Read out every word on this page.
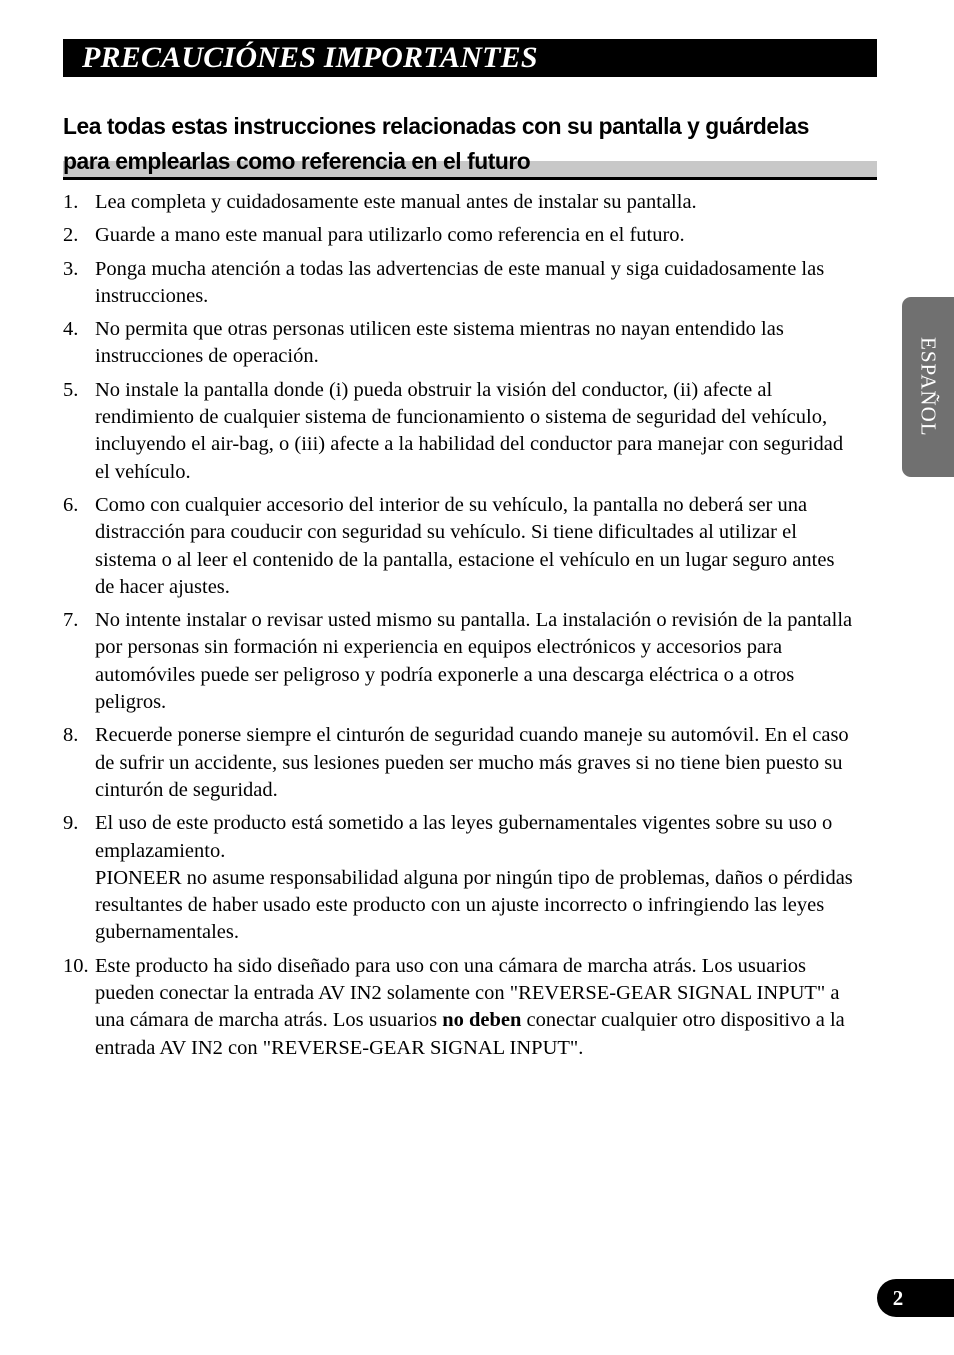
PRECAUCIÓNES IMPORTANTES
Lea todas estas instrucciones relacionadas con su pantalla y guárdelas para emplearlas como referencia en el futuro
1. Lea completa y cuidadosamente este manual antes de instalar su pantalla.
2. Guarde a mano este manual para utilizarlo como referencia en el futuro.
3. Ponga mucha atención a todas las advertencias de este manual y siga cuidadosamente las instrucciones.
4. No permita que otras personas utilicen este sistema mientras no nayan entendido las instrucciones de operación.
5. No instale la pantalla donde (i) pueda obstruir la visión del conductor, (ii) afecte al rendimiento de cualquier sistema de funcionamiento o sistema de seguridad del vehículo, incluyendo el air-bag, o (iii) afecte a la habilidad del conductor para manejar con seguridad el vehículo.
6. Como con cualquier accesorio del interior de su vehículo, la pantalla no deberá ser una distracción para couducir con seguridad su vehículo. Si tiene dificultades al utilizar el sistema o al leer el contenido de la pantalla, estacione el vehículo en un lugar seguro antes de hacer ajustes.
7. No intente instalar o revisar usted mismo su pantalla. La instalación o revisión de la pantalla por personas sin formación ni experiencia en equipos electrónicos y accesorios para automóviles puede ser peligroso y podría exponerle a una descarga eléctrica o a otros peligros.
8. Recuerde ponerse siempre el cinturón de seguridad cuando maneje su automóvil. En el caso de sufrir un accidente, sus lesiones pueden ser mucho más graves si no tiene bien puesto su cinturón de seguridad.
9. El uso de este producto está sometido a las leyes gubernamentales vigentes sobre su uso o emplazamiento.
PIONEER no asume responsabilidad alguna por ningún tipo de problemas, daños o pérdidas resultantes de haber usado este producto con un ajuste incorrecto o infringiendo las leyes gubernamentales.
10. Este producto ha sido diseñado para uso con una cámara de marcha atrás. Los usuarios pueden conectar la entrada AV IN2 solamente con "REVERSE-GEAR SIGNAL INPUT" a una cámara de marcha atrás. Los usuarios no deben conectar cualquier otro dispositivo a la entrada AV IN2 con "REVERSE-GEAR SIGNAL INPUT".
ESPAÑOL
2
